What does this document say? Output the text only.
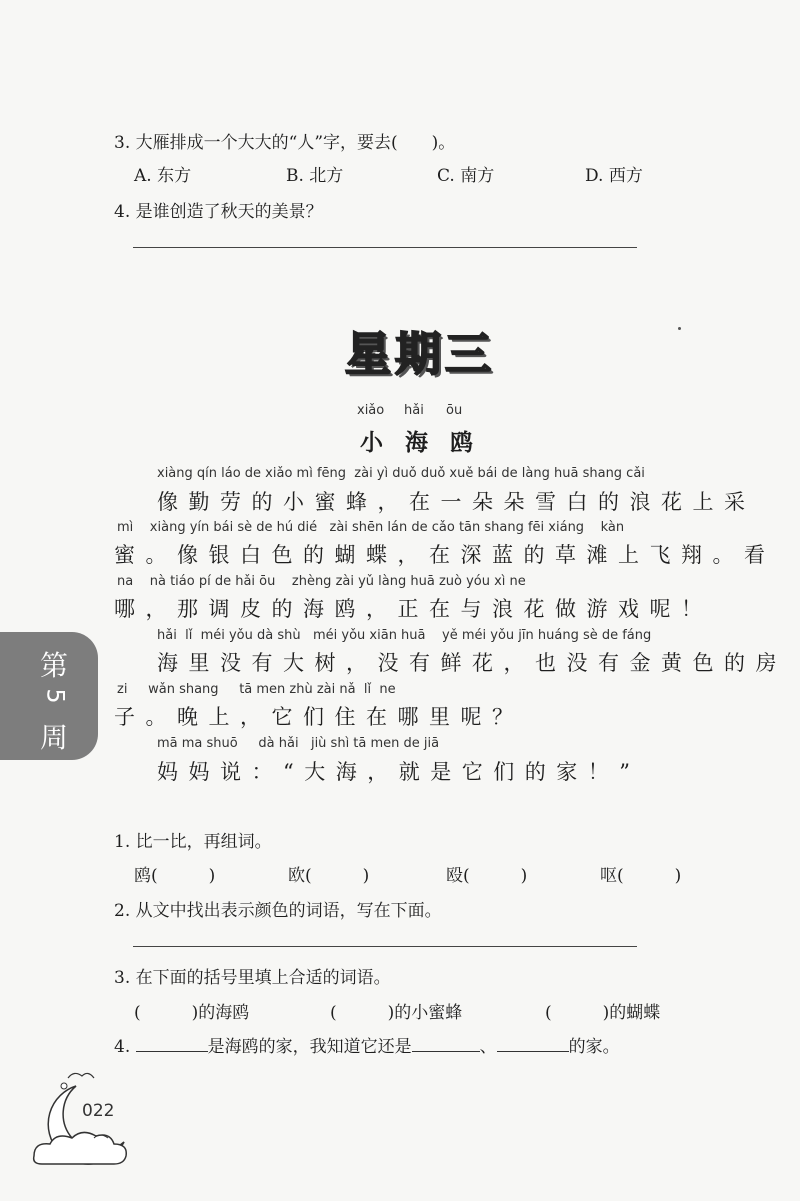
3. 大雁排成一个大大的“人”字，要去(　　)。
A. 东方	B. 北方	C. 南方	D. 西方
4. 是谁创造了秋天的美景？
星期三
xiǎo hǎi ōu
小海鸥
xiàng qín láo de xiǎo mì fēng  zài yì duǒ duǒ xuě bái de làng huā shang cǎi
像勤劳的小蜜蜂，在一朵朵雪白的浪花上采
mì    xiàng yín bái sè de hú dié   zài shēn lán de cǎo tān shang fēi xiáng    kàn
蜜。像银白色的蝴蝶，在深蓝的草滩上飞翔。看
na    nà tiáo pí de hǎi ōu    zhèng zài yǔ làng huā zuò yóu xì ne
哪，那调皮的海鸥，正在与浪花做游戏呢！
hǎi  lǐ  méi yǒu dà shù   méi yǒu xiān huā    yě méi yǒu jīn huáng sè de fáng
海里没有大树，没有鲜花，也没有金黄色的房
zi     wǎn shang     tā men zhù zài nǎ  lǐ  ne
子。晚上，它们住在哪里呢？
mā ma shuō     dà hǎi   jiù shì tā men de jiā
妈妈说：“大海，就是它们的家！”
第
5
周
1. 比一比，再组词。
鸥(　　　)	欧(　　　)	殴(　　　)	呕(　　　)
2. 从文中找出表示颜色的词语，写在下面。
3. 在下面的括号里填上合适的词语。
(　　　)的海鸥	(　　　)的小蜜蜂	(　　　)的蝴蝶
4.	是海鸥的家，我知道它还是	、	的家。
022
